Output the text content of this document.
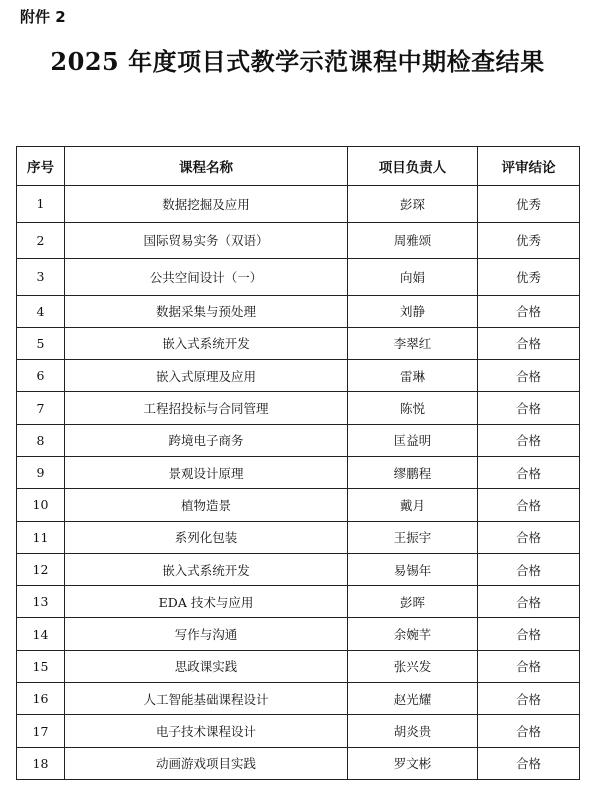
附件 2
2025 年度项目式教学示范课程中期检查结果
序号	课程名称	项目负责人	评审结论
1	数据挖掘及应用	彭琛	优秀
2	国际贸易实务（双语）	周雅颂	优秀
3	公共空间设计（一）	向娟	优秀
4	数据采集与预处理	刘静	合格
5	嵌入式系统开发	李翠红	合格
6	嵌入式原理及应用	雷琳	合格
7	工程招投标与合同管理	陈悦	合格
8	跨境电子商务	匡益明	合格
9	景观设计原理	缪鹏程	合格
10	植物造景	戴月	合格
11	系列化包装	王振宇	合格
12	嵌入式系统开发	易锡年	合格
13	EDA 技术与应用	彭晖	合格
14	写作与沟通	余婉芊	合格
15	思政课实践	张兴发	合格
16	人工智能基础课程设计	赵光耀	合格
17	电子技术课程设计	胡炎贵	合格
18	动画游戏项目实践	罗文彬	合格
